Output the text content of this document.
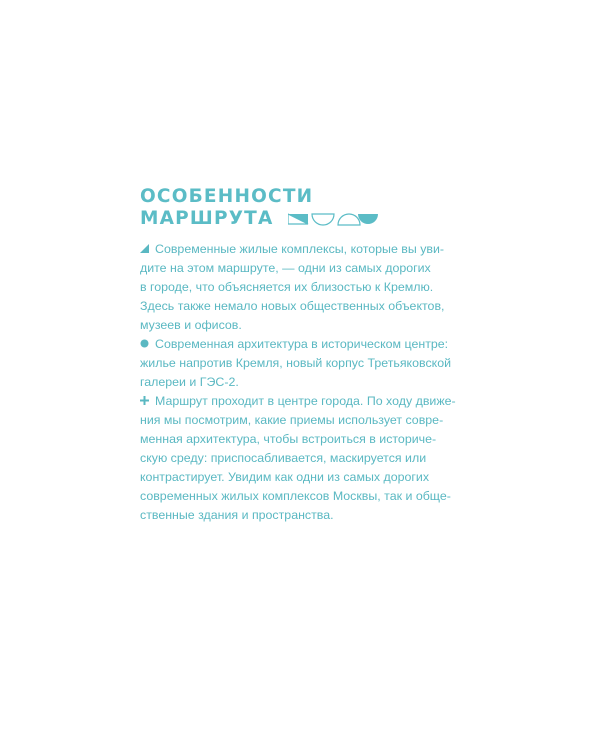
ОСОБЕННОСТИ
МАРШРУТА

Современные жилые комплексы, которые вы уви-
дите на этом маршруте, — одни из самых дорогих
в городе, что объясняется их близостью к Кремлю.
Здесь также немало новых общественных объектов,
музеев и офисов.

Современная архитектура в историческом центре:
жилье напротив Кремля, новый корпус Третьяковской
галереи и ГЭС-2.

Маршрут проходит в центре города. По ходу движе-
ния мы посмотрим, какие приемы использует совре-
менная архитектура, чтобы встроиться в историче-
скую среду: приспосабливается, маскируется или
контрастирует. Увидим как одни из самых дорогих
современных жилых комплексов Москвы, так и обще-
ственные здания и пространства.
